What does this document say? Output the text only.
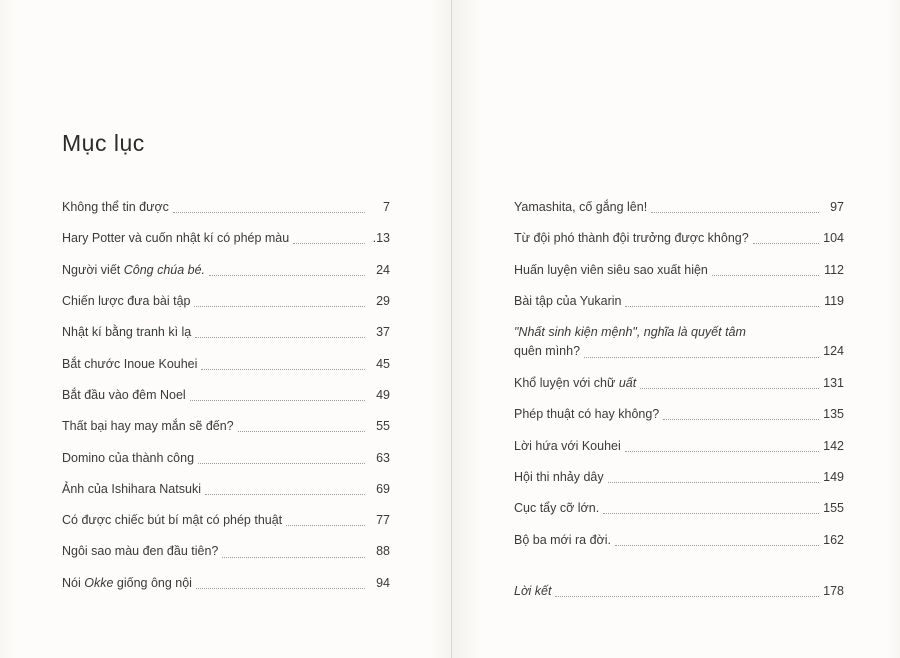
Mục lục
Không thể tin được	7
Hary Potter và cuốn nhật kí có phép màu	.13
Người viết Công chúa bé.	24
Chiến lược đưa bài tập	29
Nhật kí bằng tranh kì lạ	37
Bắt chước Inoue Kouhei	45
Bắt đầu vào đêm Noel	49
Thất bại hay may mắn sẽ đến?	55
Domino của thành công	63
Ảnh của Ishihara Natsuki	69
Có được chiếc bút bí mật có phép thuật	77
Ngôi sao màu đen đầu tiên?	88
Nói Okke giống ông nội	94
Yamashita, cố gắng lên!	97
Từ đội phó thành đội trưởng được không?	104
Huấn luyện viên siêu sao xuất hiện	112
Bài tập của Yukarin	119
"Nhất sinh kiện mệnh", nghĩa là quyết tâm
quên mình?	124
Khổ luyện với chữ uất	131
Phép thuật có hay không?	135
Lời hứa với Kouhei	142
Hội thi nhảy dây	149
Cục tẩy cỡ lớn.	155
Bộ ba mới ra đời.	162
Lời kết	178
